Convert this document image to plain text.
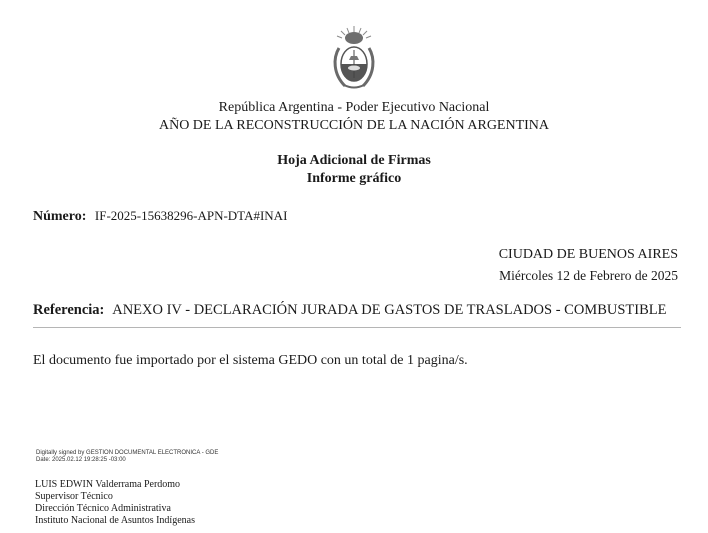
República Argentina - Poder Ejecutivo Nacional
AÑO DE LA RECONSTRUCCIÓN DE LA NACIÓN ARGENTINA
Hoja Adicional de Firmas
Informe gráfico
Número: IF-2025-15638296-APN-DTA#INAI
CIUDAD DE BUENOS AIRES
Miércoles 12 de Febrero de 2025
Referencia: ANEXO IV - DECLARACIÓN JURADA DE GASTOS DE TRASLADOS - COMBUSTIBLE
El documento fue importado por el sistema GEDO con un total de 1 pagina/s.
Digitally signed by GESTION DOCUMENTAL ELECTRONICA - GDE
Date: 2025.02.12 19:28:25 -03:00
LUIS EDWIN Valderrama Perdomo
Supervisor Técnico
Dirección Técnico Administrativa
Instituto Nacional de Asuntos Indígenas
